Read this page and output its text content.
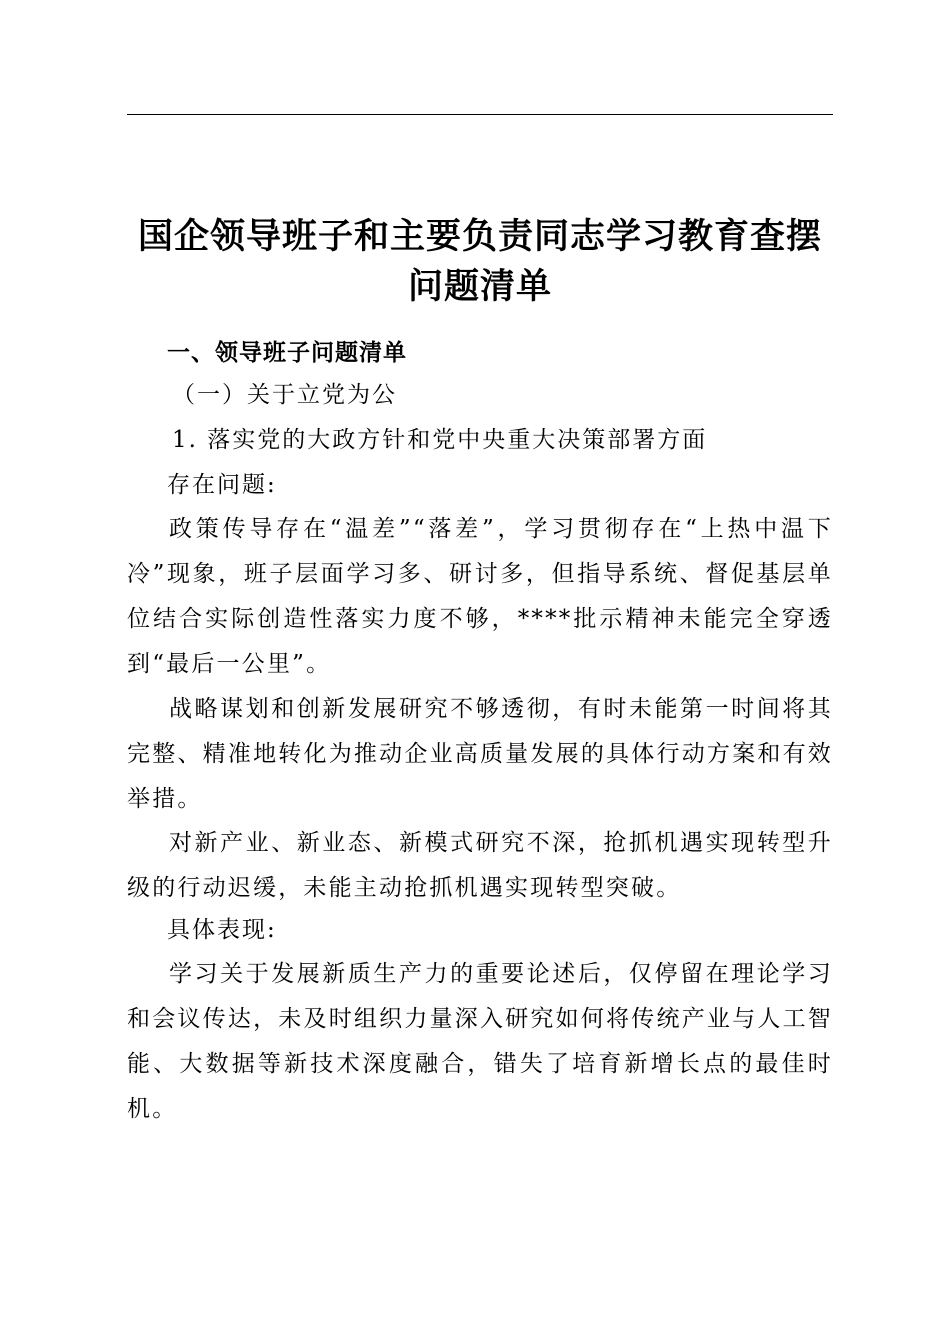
国企领导班子和主要负责同志学习教育查摆问题清单
一、领导班子问题清单
（一）关于立党为公
1. 落实党的大政方针和党中央重大决策部署方面
存在问题:
政策传导存在“温差”“落差”，学习贯彻存在“上热中温下冷”现象，班子层面学习多、研讨多，但指导系统、督促基层单位结合实际创造性落实力度不够，****批示精神未能完全穿透到“最后一公里”。
战略谋划和创新发展研究不够透彻，有时未能第一时间将其完整、精准地转化为推动企业高质量发展的具体行动方案和有效举措。
对新产业、新业态、新模式研究不深，抢抓机遇实现转型升级的行动迟缓，未能主动抢抓机遇实现转型突破。
具体表现:
学习关于发展新质生产力的重要论述后，仅停留在理论学习和会议传达，未及时组织力量深入研究如何将传统产业与人工智能、大数据等新技术深度融合，错失了培育新增长点的最佳时机。
